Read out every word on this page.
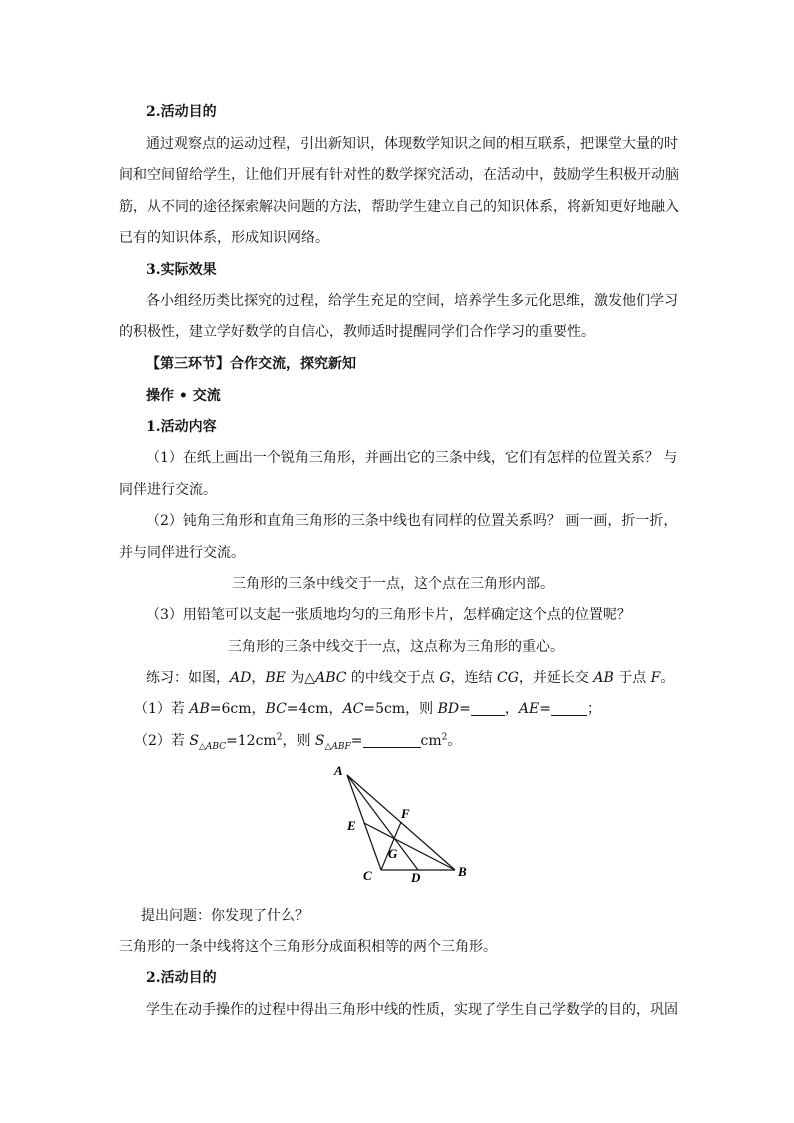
2.活动目的
通过观察点的运动过程，引出新知识，体现数学知识之间的相互联系，把课堂大量的时
间和空间留给学生，让他们开展有针对性的数学探究活动，在活动中，鼓励学生积极开动脑
筋，从不同的途径探索解决问题的方法，帮助学生建立自己的知识体系，将新知更好地融入
已有的知识体系，形成知识网络。
3.实际效果
各小组经历类比探究的过程，给学生充足的空间，培养学生多元化思维，激发他们学习
的积极性，建立学好数学的自信心，教师适时提醒同学们合作学习的重要性。
【第三环节】合作交流，探究新知
操作 • 交流
1.活动内容
（1）在纸上画出一个锐角三角形，并画出它的三条中线，它们有怎样的位置关系？ 与
同伴进行交流。
（2）钝角三角形和直角三角形的三条中线也有同样的位置关系吗？ 画一画，折一折，
并与同伴进行交流。
三角形的三条中线交于一点，这个点在三角形内部。
（3）用铅笔可以支起一张质地均匀的三角形卡片，怎样确定这个点的位置呢？
三角形的三条中线交于一点，这点称为三角形的重心。
练习：如图，AD，BE 为△ABC 的中线交于点 G，连结 CG，并延长交 AB 于点 F。
（1）若 AB=6cm，BC=4cm，AC=5cm，则 BD= ，AE=	；
（2）若 $S_{\triangle ABC}=12cm^2$，则 $S_{\triangle ABF}=$	$cm^2$。
A
B
C	D
E
F
G
提出问题：你发现了什么？
三角形的一条中线将这个三角形分成面积相等的两个三角形。
2.活动目的
学生在动手操作的过程中得出三角形中线的性质，实现了学生自己学数学的目的，巩固
